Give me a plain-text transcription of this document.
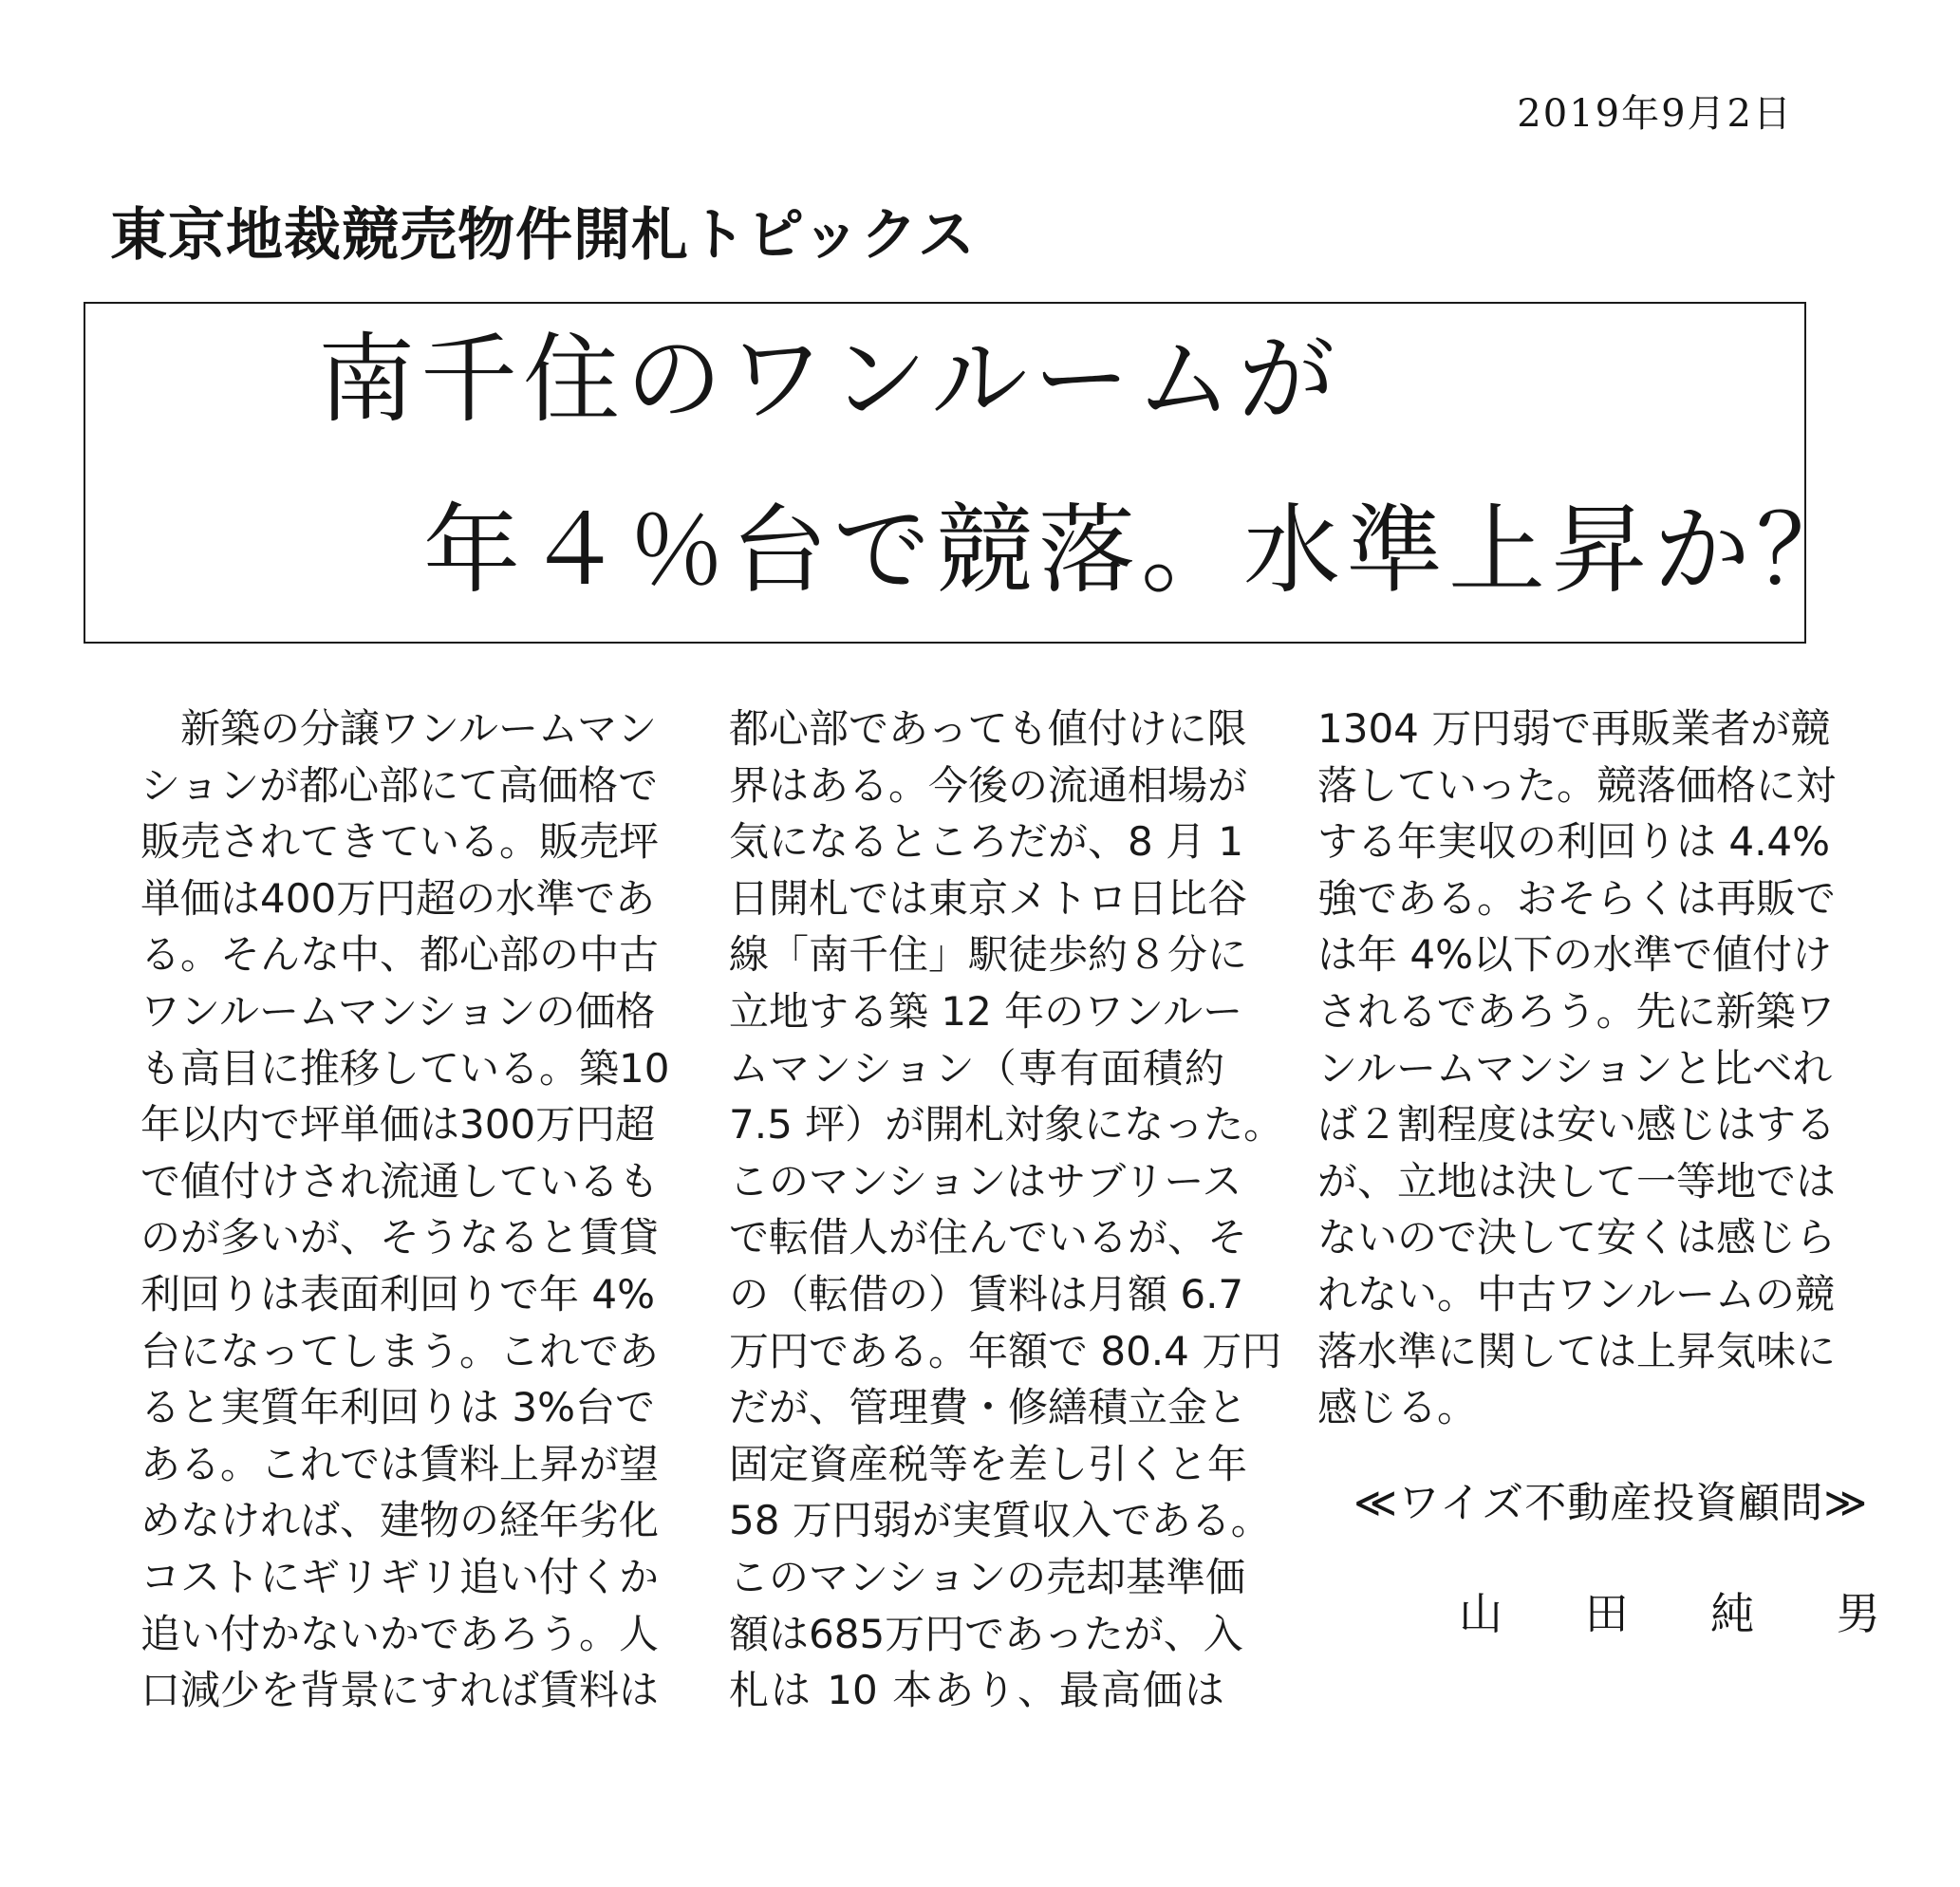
2019年9月2日
東京地裁競売物件開札トピックス
南千住のワンルームが
年４％台で競落。水準上昇か？
新築の分譲ワンルームマン
ションが都心部にて高価格で
販売されてきている。販売坪
単価は400万円超の水準であ
る。そんな中、都心部の中古
ワンルームマンションの価格
も高目に推移している。築10
年以内で坪単価は300万円超
で値付けされ流通しているも
のが多いが、そうなると賃貸
利回りは表面利回りで年 4%
台になってしまう。これであ
ると実質年利回りは 3%台で
ある。これでは賃料上昇が望
めなければ、建物の経年劣化
コストにギリギリ追い付くか
追い付かないかであろう。人
口減少を背景にすれば賃料は
都心部であっても値付けに限
界はある。今後の流通相場が
気になるところだが、8 月 1
日開札では東京メトロ日比谷
線「南千住」駅徒歩約８分に
立地する築 12 年のワンルー
ムマンション（専有面積約
7.5 坪）が開札対象になった。
このマンションはサブリース
で転借人が住んでいるが、そ
の（転借の）賃料は月額 6.7
万円である。年額で 80.4 万円
だが、管理費・修繕積立金と
固定資産税等を差し引くと年
58 万円弱が実質収入である。
このマンションの売却基準価
額は685万円であったが、入
札は 10 本あり、最高価は
1304 万円弱で再販業者が競
落していった。競落価格に対
する年実収の利回りは 4.4%
強である。おそらくは再販で
は年 4%以下の水準で値付け
されるであろう。先に新築ワ
ンルームマンションと比べれ
ば２割程度は安い感じはする
が、立地は決して一等地では
ないので決して安くは感じら
れない。中古ワンルームの競
落水準に関しては上昇気味に
感じる。
≪ワイズ不動産投資顧問≫
山 田 純 男
